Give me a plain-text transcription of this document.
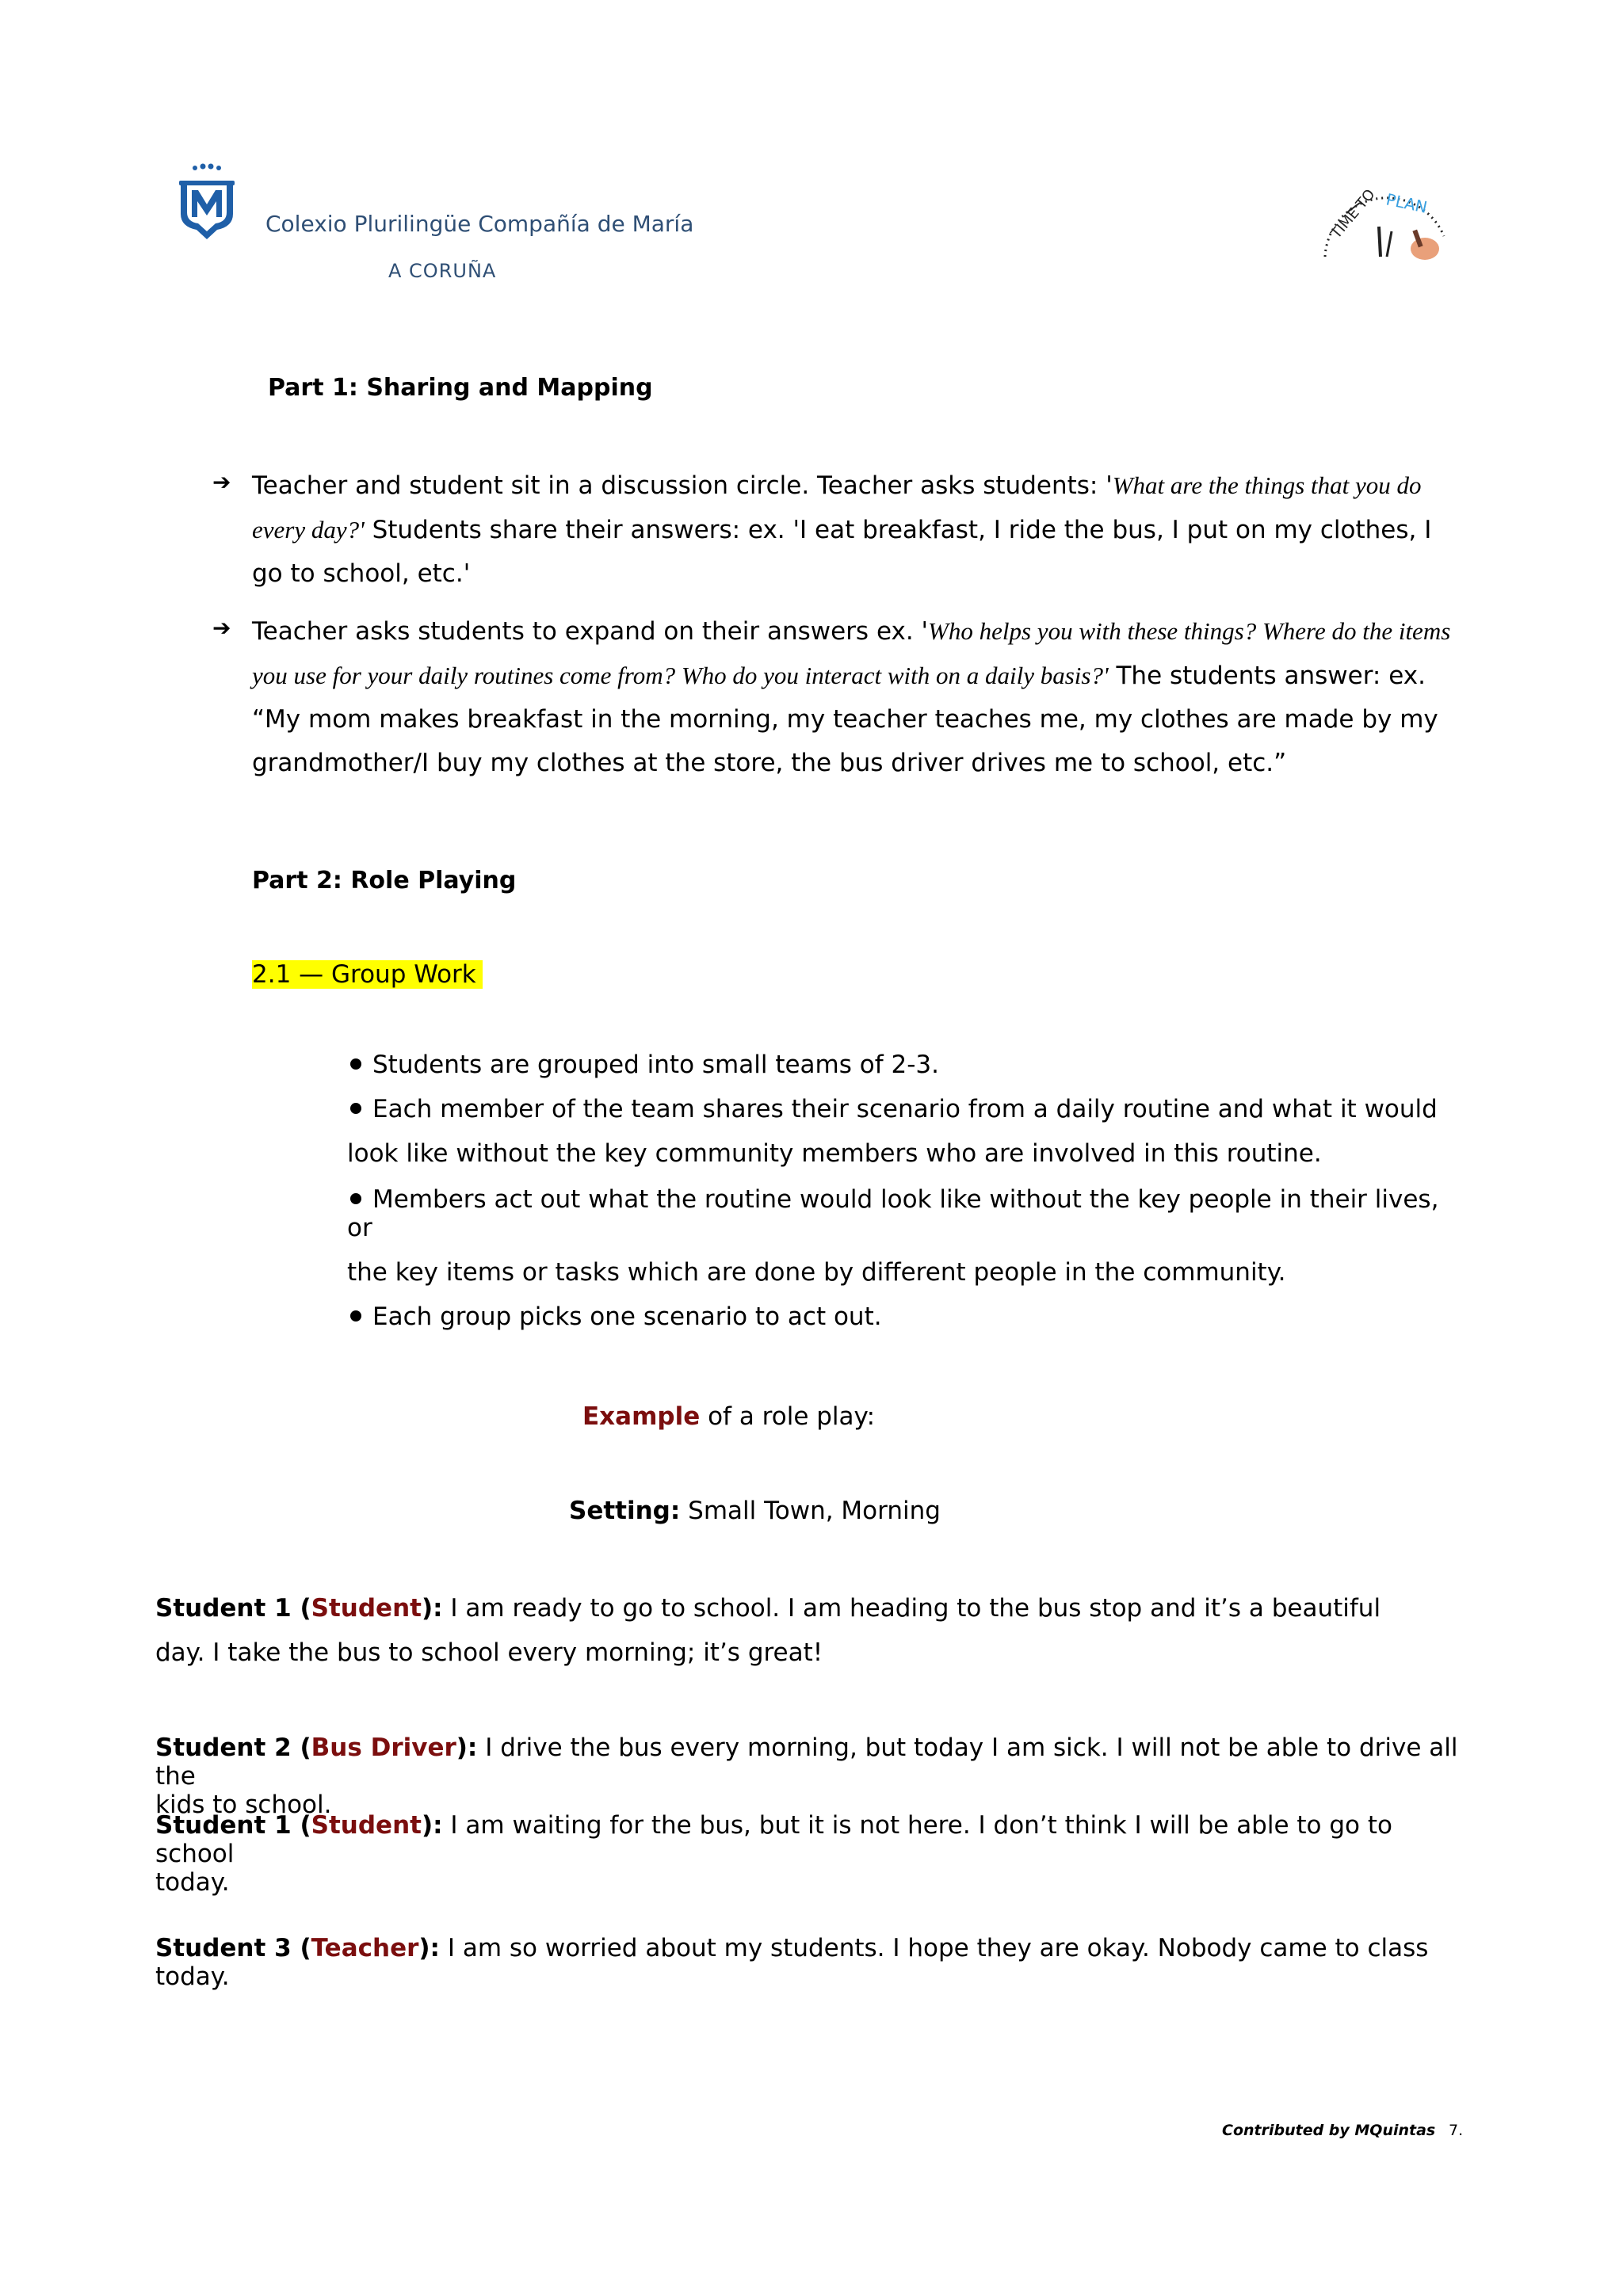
Colexio Plurilingüe Compañía de María
A CORUÑA
TIME TO PLAN
Part 1: Sharing and Mapping
➔ Teacher and student sit in a discussion circle. Teacher asks students: 'What are the things that you do every day?' Students share their answers: ex. 'I eat breakfast, I ride the bus, I put on my clothes, I go to school, etc.'
➔ Teacher asks students to expand on their answers ex. 'Who helps you with these things? Where do the items you use for your daily routines come from? Who do you interact with on a daily basis?' The students answer: ex. “My mom makes breakfast in the morning, my teacher teaches me, my clothes are made by my grandmother/I buy my clothes at the store, the bus driver drives me to school, etc.”
Part 2: Role Playing
2.1 — Group Work
Students are grouped into small teams of 2-3.
Each member of the team shares their scenario from a daily routine and what it would
look like without the key community members who are involved in this routine.
Members act out what the routine would look like without the key people in their lives,
or
the key items or tasks which are done by different people in the community.
Each group picks one scenario to act out.
Example of a role play:
Setting: Small Town, Morning
Student 1 (Student): I am ready to go to school. I am heading to the bus stop and it’s a beautiful
day. I take the bus to school every morning; it’s great!
Student 2 (Bus Driver): I drive the bus every morning, but today I am sick. I will not be able to drive all the
kids to school.
Student 1 (Student): I am waiting for the bus, but it is not here. I don’t think I will be able to go to school
today.
Student 3 (Teacher): I am so worried about my students. I hope they are okay. Nobody came to class
today.
Contributed by MQuintas 7.
